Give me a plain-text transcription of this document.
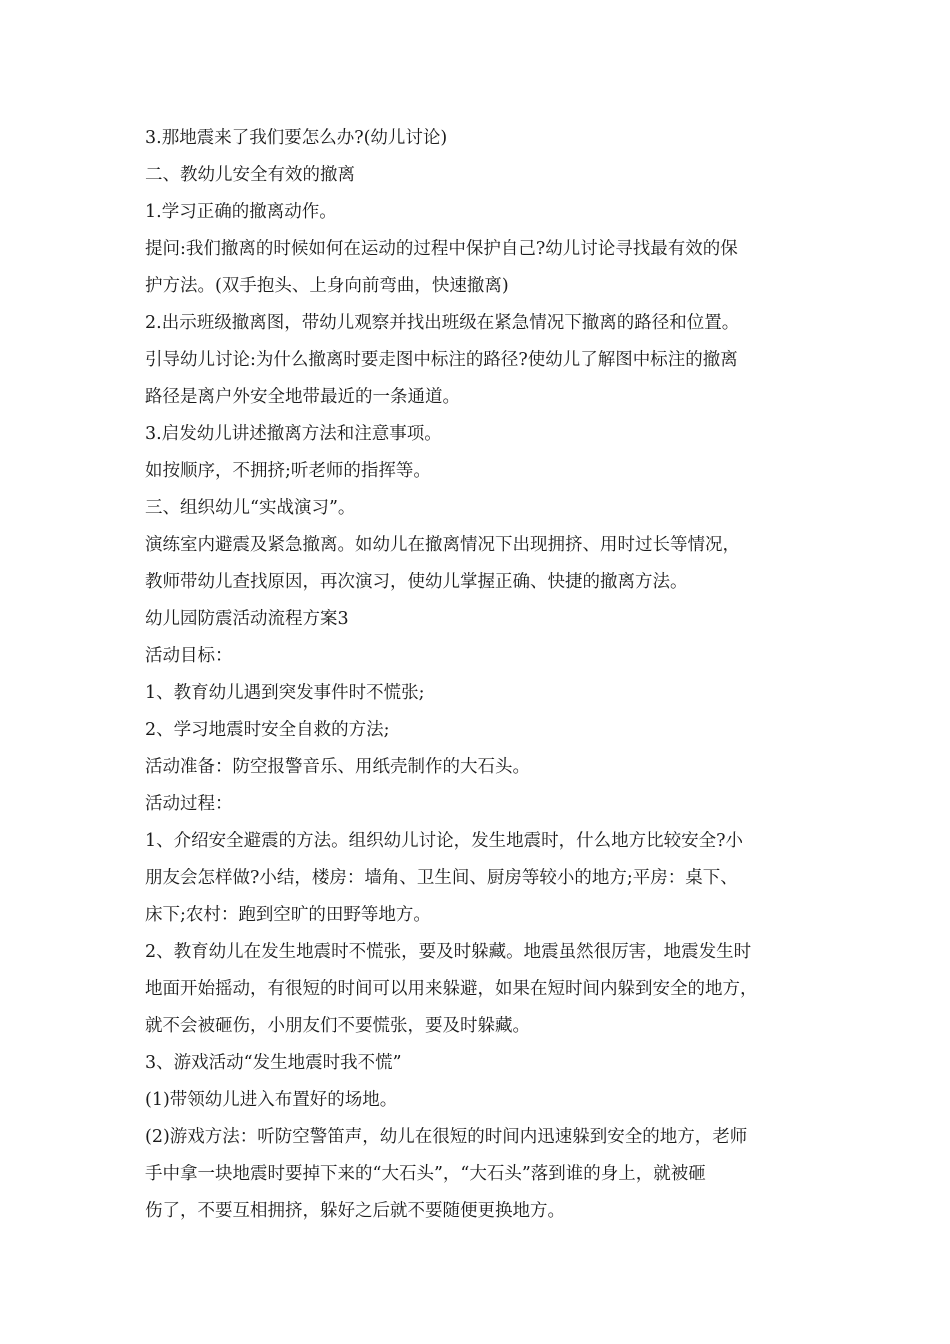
3.那地震来了我们要怎么办?(幼儿讨论)
二、教幼儿安全有效的撤离
1.学习正确的撤离动作。
提问:我们撤离的时候如何在运动的过程中保护自己?幼儿讨论寻找最有效的保
护方法。(双手抱头、上身向前弯曲，快速撤离)
2.出示班级撤离图，带幼儿观察并找出班级在紧急情况下撤离的路径和位置。
引导幼儿讨论:为什么撤离时要走图中标注的路径?使幼儿了解图中标注的撤离
路径是离户外安全地带最近的一条通道。
3.启发幼儿讲述撤离方法和注意事项。
如按顺序，不拥挤;听老师的指挥等。
三、组织幼儿“实战演习”。
演练室内避震及紧急撤离。如幼儿在撤离情况下出现拥挤、用时过长等情况，
教师带幼儿查找原因，再次演习，使幼儿掌握正确、快捷的撤离方法。
幼儿园防震活动流程方案3
活动目标：
1、教育幼儿遇到突发事件时不慌张;
2、学习地震时安全自救的方法;
活动准备：防空报警音乐、用纸壳制作的大石头。
活动过程：
1、介绍安全避震的方法。组织幼儿讨论，发生地震时，什么地方比较安全?小
朋友会怎样做?小结，楼房：墙角、卫生间、厨房等较小的地方;平房：桌下、
床下;农村：跑到空旷的田野等地方。
2、教育幼儿在发生地震时不慌张，要及时躲藏。地震虽然很厉害，地震发生时
地面开始摇动，有很短的时间可以用来躲避，如果在短时间内躲到安全的地方，
就不会被砸伤，小朋友们不要慌张，要及时躲藏。
3、游戏活动“发生地震时我不慌”
(1)带领幼儿进入布置好的场地。
(2)游戏方法：听防空警笛声，幼儿在很短的时间内迅速躲到安全的地方，老师
手中拿一块地震时要掉下来的“大石头”，“大石头”落到谁的身上，就被砸
伤了，不要互相拥挤，躲好之后就不要随便更换地方。
